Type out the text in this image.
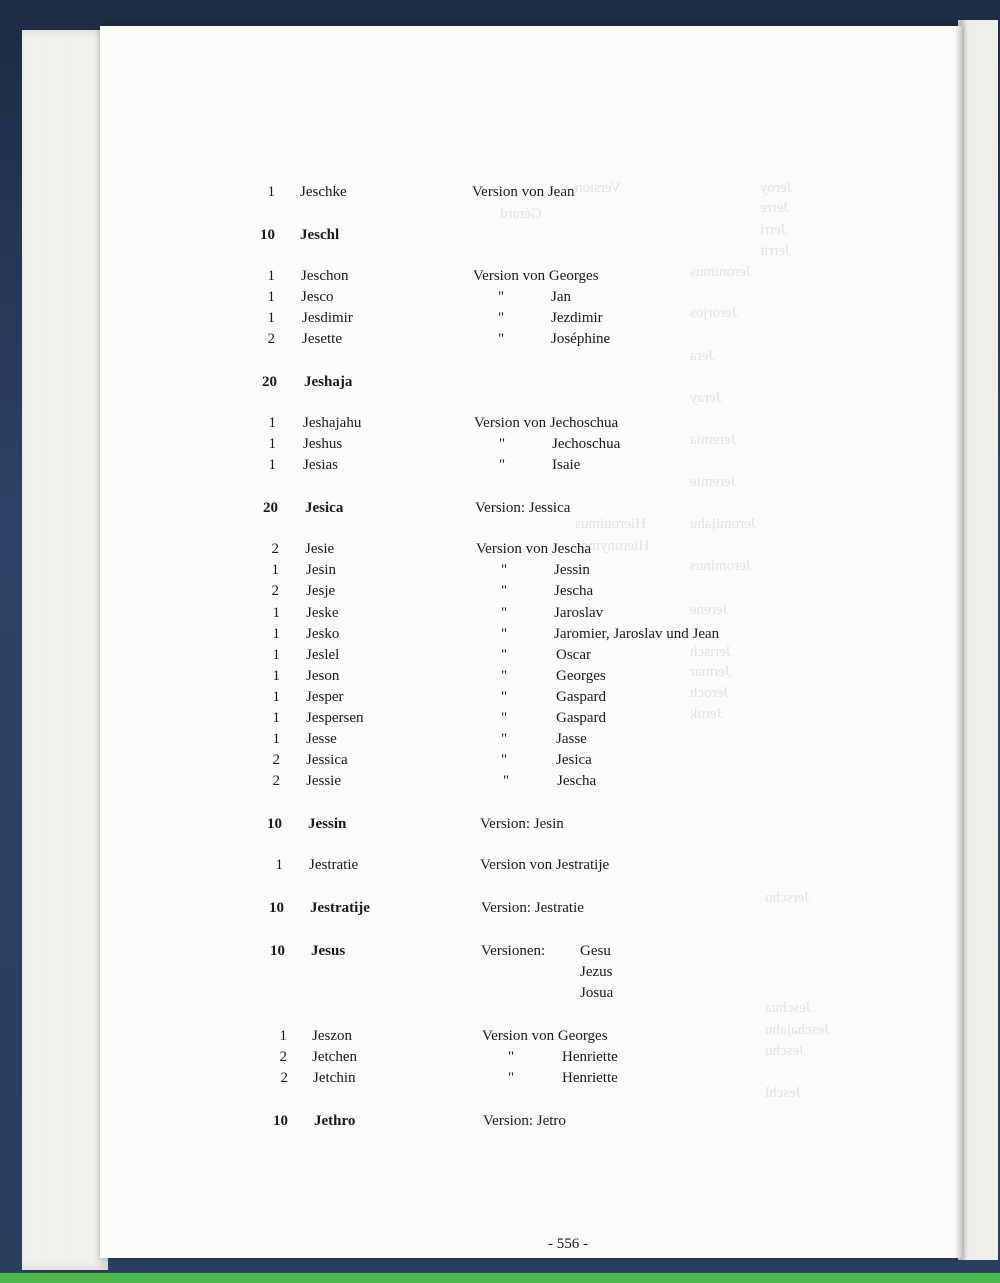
1 Jeschke	Version von Jean
10 Jeschl
1 Jeschon	Version von Georges
1 Jesco	"	Jan
1 Jesdimir	"	Jezdimir
2 Jesette	"	Joséphine
20 Jeshaja
1 Jeshajahu	Version von Jechoschua
1 Jeshus	"	Jechoschua
1 Jesias	"	Isaie
20 Jesica	Version: Jessica
2 Jesie	Version von Jescha
1 Jesin	"	Jessin
2 Jesje	"	Jescha
1 Jeske	"	Jaroslav
1 Jesko	"	Jaromier, Jaroslav und Jean
1 Jeslel	"	Oscar
1 Jeson	"	Georges
1 Jesper	"	Gaspard
1 Jespersen	"	Gaspard
1 Jesse	"	Jasse
2 Jessica	"	Jesica
2 Jessie	"	Jescha
10 Jessin	Version: Jesin
1 Jestratie	Version von Jestratije
10 Jestratije	Version: Jestratie
10 Jesus	Versionen: Gesu
Jezus
Josua
1 Jeszon	Version von Georges
2 Jetchen	"	Henriette
2 Jetchin	"	Henriette
10 Jethro	Version: Jetro
- 556 -
